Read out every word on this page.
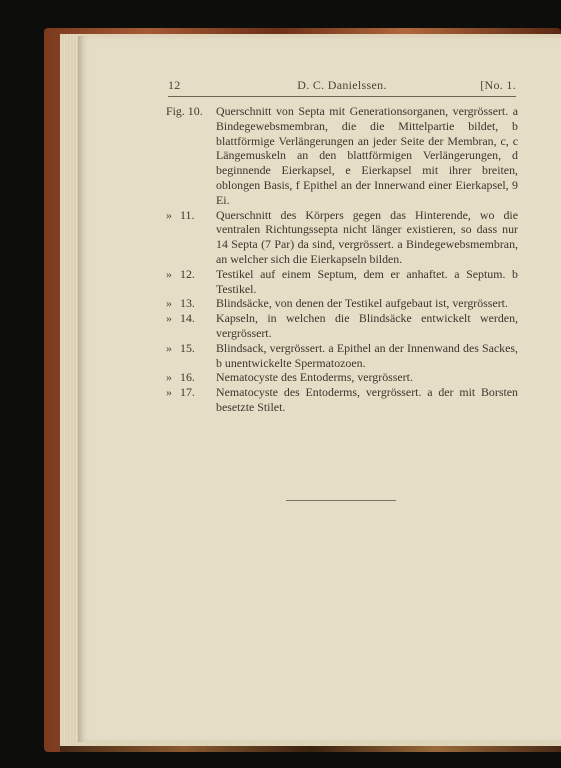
12	D. C. Danielssen.	[No. 1.
Fig. 10.	Querschnitt von Septa mit Generationsorganen, vergrössert. a Bindegewebsmembran, die die Mittelpartie bildet, b blattförmige Verlängerungen an jeder Seite der Membran, c, c Längemuskeln an den blattförmigen Verlängerungen, d beginnende Eierkapsel, e Eierkapsel mit ihrer breiten, oblongen Basis, f Epithel an der Innerwand einer Eierkapsel, 9 Ei.
» 11.	Querschnitt des Körpers gegen das Hinterende, wo die ventralen Richtungssepta nicht länger existieren, so dass nur 14 Septa (7 Par) da sind, vergrössert. a Bindegewebsmembran, an welcher sich die Eierkapseln bilden.
» 12.	Testikel auf einem Septum, dem er anhaftet. a Septum. b Testikel.
» 13.	Blindsäcke, von denen der Testikel aufgebaut ist, vergrössert.
» 14.	Kapseln, in welchen die Blindsäcke entwickelt werden, vergrössert.
» 15.	Blindsack, vergrössert. a Epithel an der Innenwand des Sackes, b unentwickelte Spermatozoen.
» 16.	Nematocyste des Entoderms, vergrössert.
» 17.	Nematocyste des Entoderms, vergrössert. a der mit Borsten besetzte Stilet.
